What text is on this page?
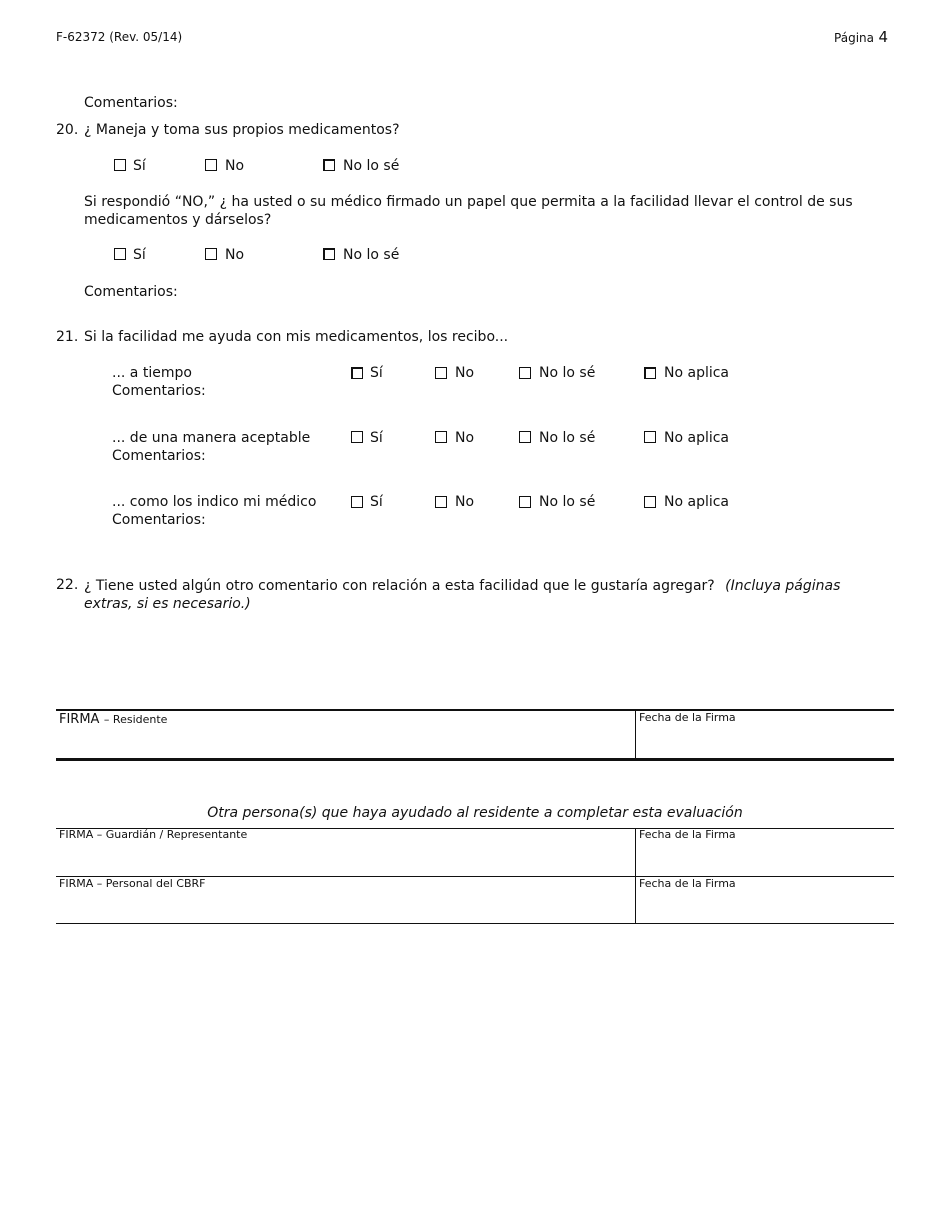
F-62372 (Rev. 05/14)	Página 4
Comentarios:
20. ¿ Maneja y toma sus propios medicamentos?
Sí	No	No lo sé
Si respondió “NO,” ¿ ha usted o su médico firmado un papel que permita a la facilidad llevar el control de sus medicamentos y dárselos?
Sí	No	No lo sé
Comentarios:
21. Si la facilidad me ayuda con mis medicamentos, los recibo...
... a tiempo
Comentarios:
Sí	No	No lo sé	No aplica
... de una manera aceptable
Comentarios:
Sí	No	No lo sé	No aplica
... como los indico mi médico
Comentarios:
Sí	No	No lo sé	No aplica
22. ¿ Tiene usted algún otro comentario con relación a esta facilidad que le gustaría agregar? (Incluya páginas extras, si es necesario.)
FIRMA – Residente	Fecha de la Firma
Otra persona(s) que haya ayudado al residente a completar esta evaluación
FIRMA – Guardián / Representante	Fecha de la Firma
FIRMA – Personal del CBRF	Fecha de la Firma
